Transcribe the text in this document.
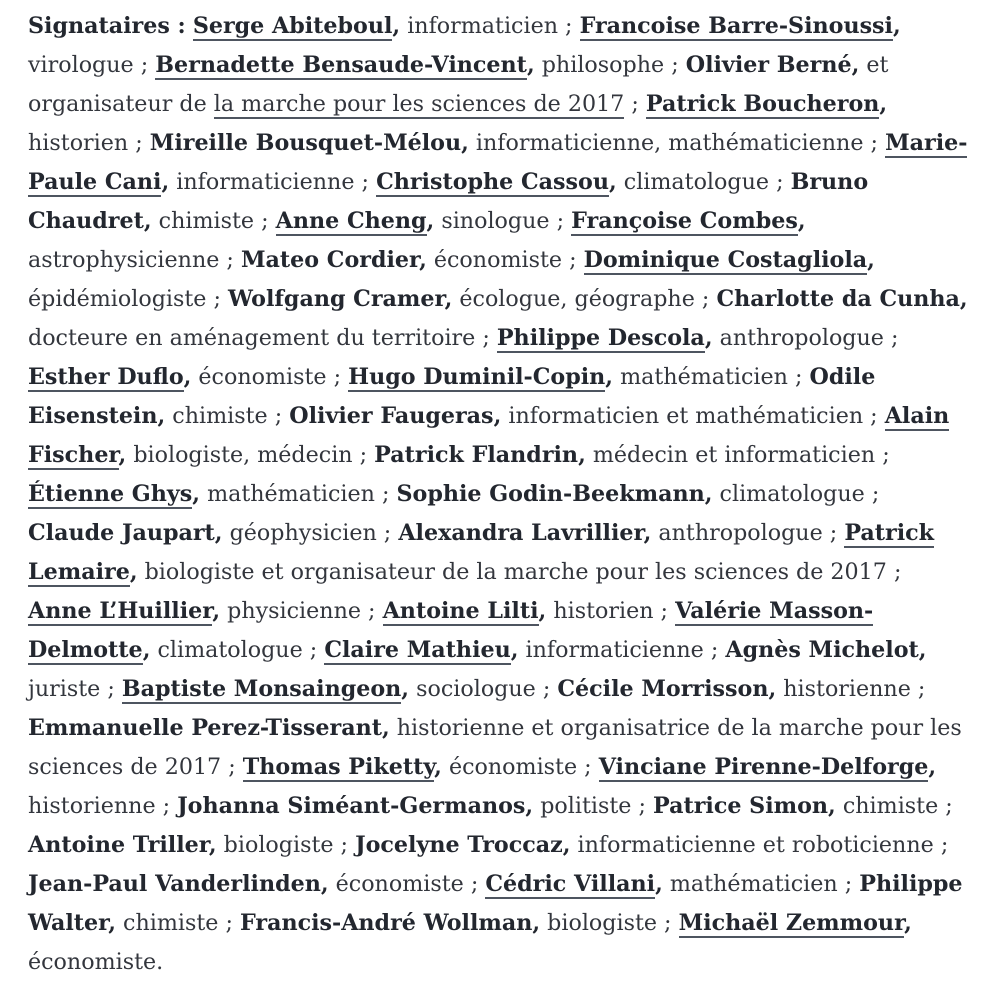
Signataires : Serge Abiteboul, informaticien ; Francoise Barre-Sinoussi, virologue ; Bernadette Bensaude-Vincent, philosophe ; Olivier Berné, et organisateur de la marche pour les sciences de 2017 ; Patrick Boucheron, historien ; Mireille Bousquet-Mélou, informaticienne, mathématicienne ; Marie-Paule Cani, informaticienne ; Christophe Cassou, climatologue ; Bruno Chaudret, chimiste ; Anne Cheng, sinologue ; Françoise Combes, astrophysicienne ; Mateo Cordier, économiste ; Dominique Costagliola, épidémiologiste ; Wolfgang Cramer, écologue, géographe ; Charlotte da Cunha, docteure en aménagement du territoire ; Philippe Descola, anthropologue ; Esther Duflo, économiste ; Hugo Duminil-Copin, mathématicien ; Odile Eisenstein, chimiste ; Olivier Faugeras, informaticien et mathématicien ; Alain Fischer, biologiste, médecin ; Patrick Flandrin, médecin et informaticien ; Étienne Ghys, mathématicien ; Sophie Godin-Beekmann, climatologue ; Claude Jaupart, géophysicien ; Alexandra Lavrillier, anthropologue ; Patrick Lemaire, biologiste et organisateur de la marche pour les sciences de 2017 ; Anne L’Huillier, physicienne ; Antoine Lilti, historien ; Valérie Masson-Delmotte, climatologue ; Claire Mathieu, informaticienne ; Agnès Michelot, juriste ; Baptiste Monsaingeon, sociologue ; Cécile Morrisson, historienne ; Emmanuelle Perez-Tisserant, historienne et organisatrice de la marche pour les sciences de 2017 ; Thomas Piketty, économiste ; Vinciane Pirenne-Delforge, historienne ; Johanna Siméant-Germanos, politiste ; Patrice Simon, chimiste ; Antoine Triller, biologiste ; Jocelyne Troccaz, informaticienne et roboticienne ; Jean-Paul Vanderlinden, économiste ; Cédric Villani, mathématicien ; Philippe Walter, chimiste ; Francis-André Wollman, biologiste ; Michaël Zemmour, économiste.
